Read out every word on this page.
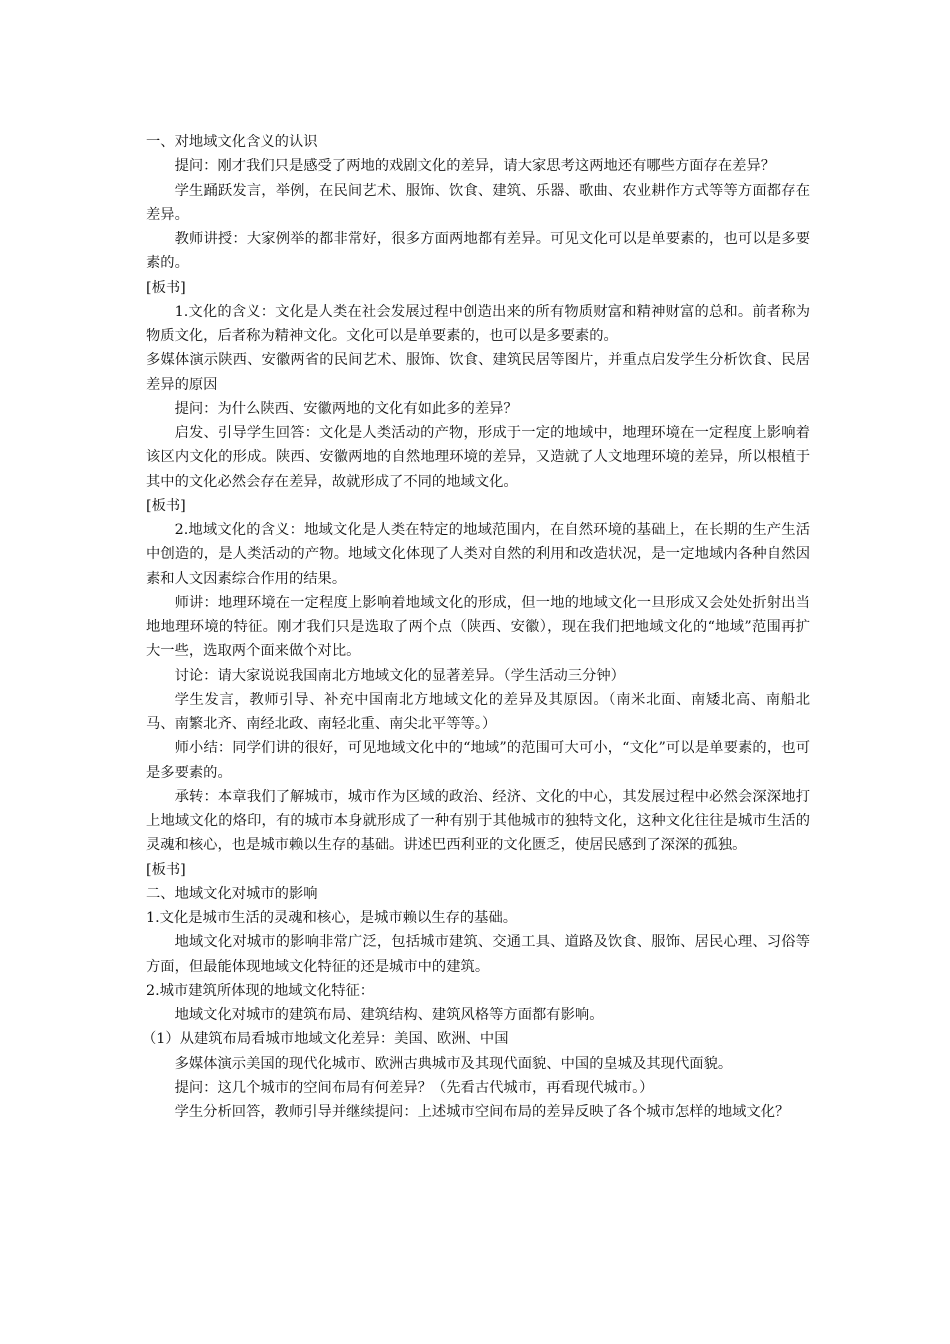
一、对地域文化含义的认识

提问：刚才我们只是感受了两地的戏剧文化的差异，请大家思考这两地还有哪些方面存在差异？

学生踊跃发言，举例，在民间艺术、服饰、饮食、建筑、乐器、歌曲、农业耕作方式等等方面都存在差异。

教师讲授：大家例举的都非常好，很多方面两地都有差异。可见文化可以是单要素的，也可以是多要素的。

[板书]

1.文化的含义：文化是人类在社会发展过程中创造出来的所有物质财富和精神财富的总和。前者称为物质文化，后者称为精神文化。文化可以是单要素的，也可以是多要素的。

多媒体演示陕西、安徽两省的民间艺术、服饰、饮食、建筑民居等图片，并重点启发学生分析饮食、民居差异的原因

提问：为什么陕西、安徽两地的文化有如此多的差异？

启发、引导学生回答：文化是人类活动的产物，形成于一定的地域中，地理环境在一定程度上影响着该区内文化的形成。陕西、安徽两地的自然地理环境的差异，又造就了人文地理环境的差异，所以根植于其中的文化必然会存在差异，故就形成了不同的地域文化。

[板书]

2.地域文化的含义：地域文化是人类在特定的地域范围内，在自然环境的基础上，在长期的生产生活中创造的，是人类活动的产物。地域文化体现了人类对自然的利用和改造状况，是一定地域内各种自然因素和人文因素综合作用的结果。

师讲：地理环境在一定程度上影响着地域文化的形成，但一地的地域文化一旦形成又会处处折射出当地地理环境的特征。刚才我们只是选取了两个点（陕西、安徽），现在我们把地域文化的“地域”范围再扩大一些，选取两个面来做个对比。

讨论：请大家说说我国南北方地域文化的显著差异。（学生活动三分钟）

学生发言，教师引导、补充中国南北方地域文化的差异及其原因。（南米北面、南矮北高、南船北马、南繁北齐、南经北政、南轻北重、南尖北平等等。）

师小结：同学们讲的很好，可见地域文化中的“地域”的范围可大可小，“文化”可以是单要素的，也可是多要素的。

承转：本章我们了解城市，城市作为区域的政治、经济、文化的中心，其发展过程中必然会深深地打上地域文化的烙印，有的城市本身就形成了一种有别于其他城市的独特文化，这种文化往往是城市生活的灵魂和核心，也是城市赖以生存的基础。讲述巴西利亚的文化匮乏，使居民感到了深深的孤独。

[板书]

二、地域文化对城市的影响

1.文化是城市生活的灵魂和核心，是城市赖以生存的基础。

地域文化对城市的影响非常广泛，包括城市建筑、交通工具、道路及饮食、服饰、居民心理、习俗等方面，但最能体现地域文化特征的还是城市中的建筑。

2.城市建筑所体现的地域文化特征：

地域文化对城市的建筑布局、建筑结构、建筑风格等方面都有影响。

（1）从建筑布局看城市地域文化差异：美国、欧洲、中国

多媒体演示美国的现代化城市、欧洲古典城市及其现代面貌、中国的皇城及其现代面貌。

提问：这几个城市的空间布局有何差异？（先看古代城市，再看现代城市。）

学生分析回答，教师引导并继续提问：上述城市空间布局的差异反映了各个城市怎样的地域文化？
